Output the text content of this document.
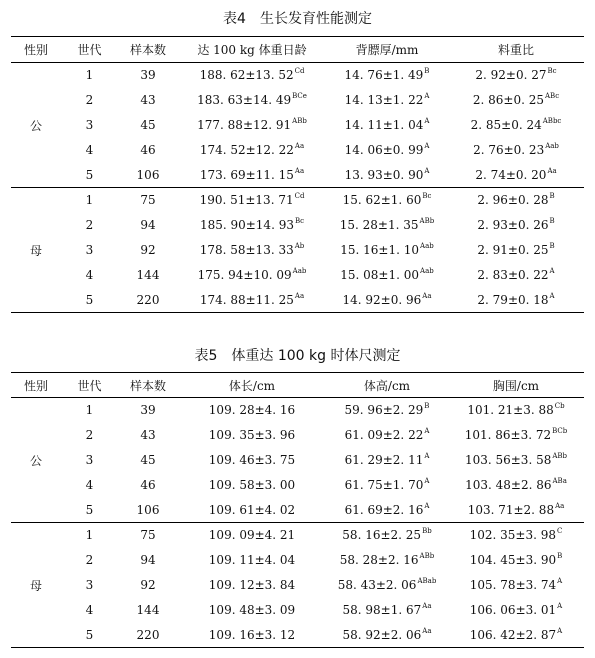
表4　生长发育性能测定
性别	世代	样本数	达 100 kg 体重日龄	背膘厚/mm	料重比
公	1	39	188. 62±13. $52^{Cd}$	14. 76±1. $49^B$	2. 92±0. $27^{Bc}$
	2	43	183. 63±14. $49^{BCe}$	14. 13±1. $22^A$	2. 86±0. $25^{ABc}$
	3	45	177. 88±12. $91^{ABb}$	14. 11±1. $04^A$	2. 85±0. $24^{ABbc}$
	4	46	174. 52±12. $22^{Aa}$	14. 06±0. $99^A$	2. 76±0. $23^{Aab}$
	5	106	173. 69±11. $15^{Aa}$	13. 93±0. $90^A$	2. 74±0. $20^{Aa}$
母	1	75	190. 51±13. $71^{Cd}$	15. 62±1. $60^{Bc}$	2. 96±0. $28^B$
	2	94	185. 90±14. $93^{Bc}$	15. 28±1. $35^{ABb}$	2. 93±0. $26^B$
	3	92	178. 58±13. $33^{Ab}$	15. 16±1. $10^{Aab}$	2. 91±0. $25^B$
	4	144	175. 94±10. $09^{Aab}$	15. 08±1. $00^{Aab}$	2. 83±0. $22^A$
	5	220	174. 88±11. $25^{Aa}$	14. 92±0. $96^{Aa}$	2. 79±0. $18^A$
表5　体重达 100 kg 时体尺测定
性别	世代	样本数	体长/cm	体高/cm	胸围/cm
公	1	39	109. 28±4. 16	59. 96±2. $29^B$	101. 21±3. $88^{Cb}$
	2	43	109. 35±3. 96	61. 09±2. $22^A$	101. 86±3. $72^{BCb}$
	3	45	109. 46±3. 75	61. 29±2. $11^A$	103. 56±3. $58^{ABb}$
	4	46	109. 58±3. 00	61. 75±1. $70^A$	103. 48±2. $86^{ABa}$
	5	106	109. 61±4. 02	61. 69±2. $16^A$	103. 71±2. $88^{Aa}$
母	1	75	109. 09±4. 21	58. 16±2. $25^{Bb}$	102. 35±3. $98^C$
	2	94	109. 11±4. 04	58. 28±2. $16^{ABb}$	104. 45±3. $90^B$
	3	92	109. 12±3. 84	58. 43±2. $06^{ABab}$	105. 78±3. $74^A$
	4	144	109. 48±3. 09	58. 98±1. $67^{Aa}$	106. 06±3. $01^A$
	5	220	109. 16±3. 12	58. 92±2. $06^{Aa}$	106. 42±2. $87^A$
